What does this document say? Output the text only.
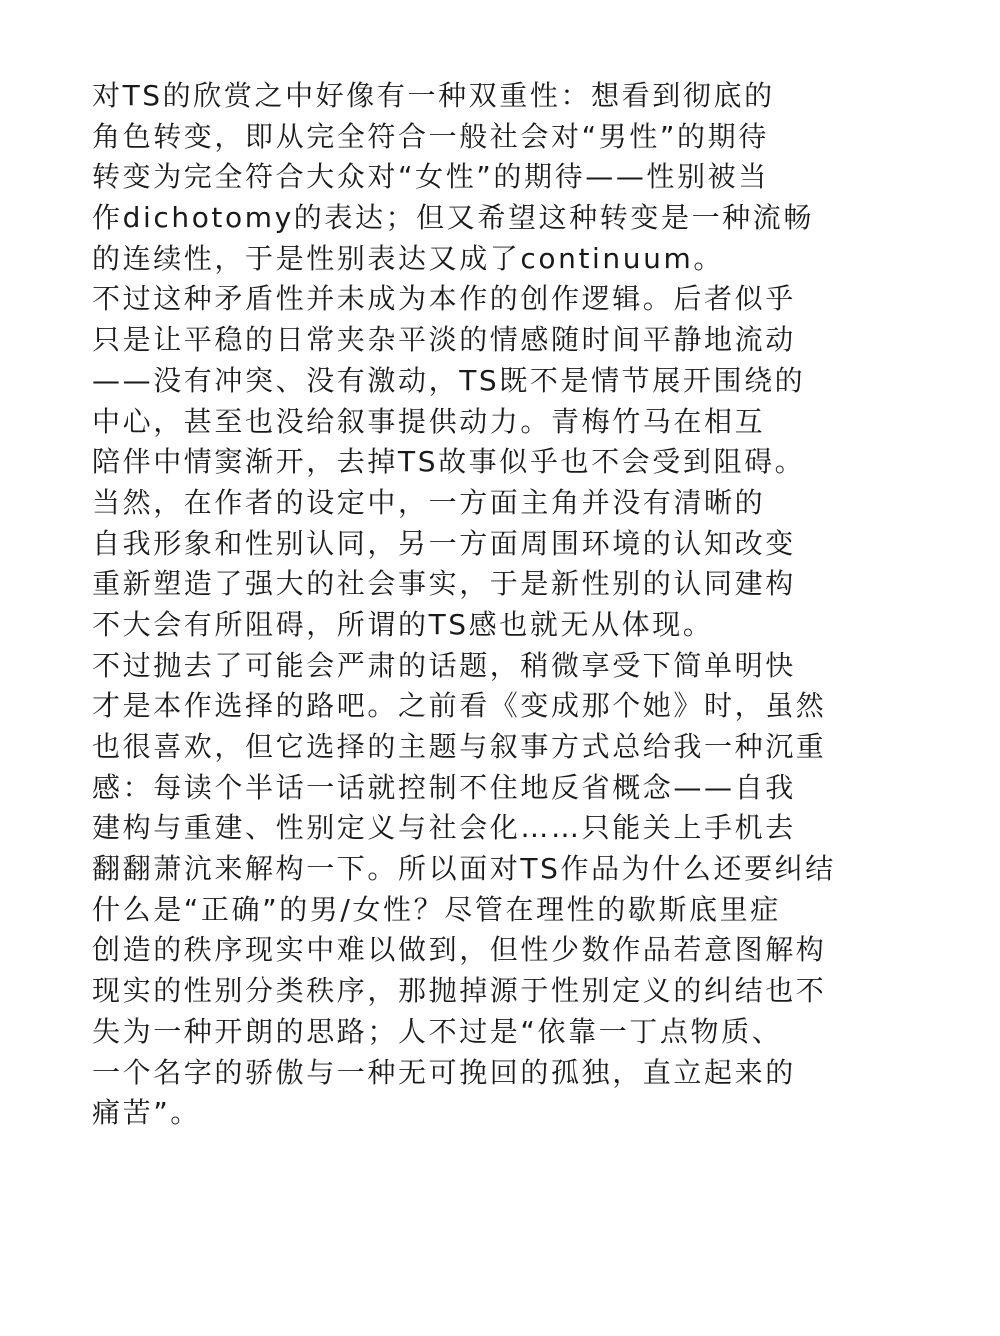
对TS的欣赏之中好像有一种双重性：想看到彻底的
角色转变，即从完全符合一般社会对“男性”的期待
转变为完全符合大众对“女性”的期待——性别被当
作dichotomy的表达；但又希望这种转变是一种流畅
的连续性，于是性别表达又成了continuum。
不过这种矛盾性并未成为本作的创作逻辑。后者似乎
只是让平稳的日常夹杂平淡的情感随时间平静地流动
——没有冲突、没有激动，TS既不是情节展开围绕的
中心，甚至也没给叙事提供动力。青梅竹马在相互
陪伴中情窦渐开，去掉TS故事似乎也不会受到阻碍。
当然，在作者的设定中，一方面主角并没有清晰的
自我形象和性别认同，另一方面周围环境的认知改变
重新塑造了强大的社会事实，于是新性别的认同建构
不大会有所阻碍，所谓的TS感也就无从体现。
不过抛去了可能会严肃的话题，稍微享受下简单明快
才是本作选择的路吧。之前看《变成那个她》时，虽然
也很喜欢，但它选择的主题与叙事方式总给我一种沉重
感：每读个半话一话就控制不住地反省概念——自我
建构与重建、性别定义与社会化……只能关上手机去
翻翻萧沆来解构一下。所以面对TS作品为什么还要纠结
什么是“正确”的男/女性？尽管在理性的歇斯底里症
创造的秩序现实中难以做到，但性少数作品若意图解构
现实的性别分类秩序，那抛掉源于性别定义的纠结也不
失为一种开朗的思路；人不过是“依靠一丁点物质、
一个名字的骄傲与一种无可挽回的孤独，直立起来的
痛苦”。
